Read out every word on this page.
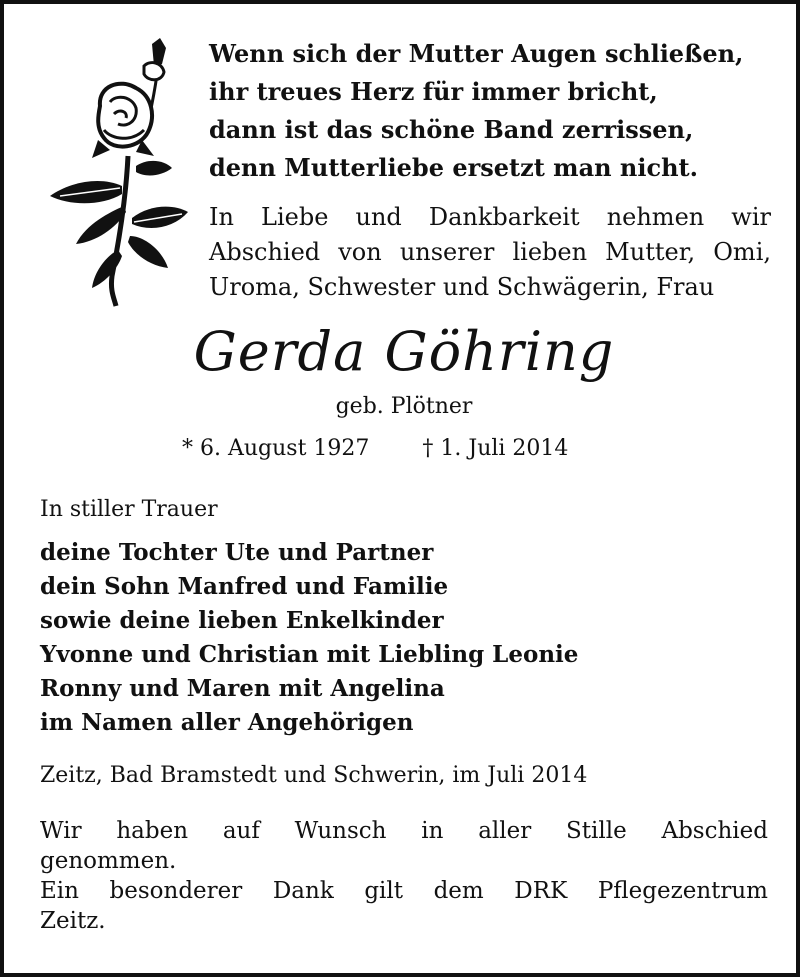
Wenn sich der Mutter Augen schließen,
ihr treues Herz für immer bricht,
dann ist das schöne Band zerrissen,
denn Mutterliebe ersetzt man nicht.
In Liebe und Dankbarkeit nehmen wir
Abschied von unserer lieben Mutter, Omi,
Uroma, Schwester und Schwägerin, Frau
Gerda Göhring
geb. Plötner
* 6. August 1927 † 1. Juli 2014
In stiller Trauer
deine Tochter Ute und Partner
dein Sohn Manfred und Familie
sowie deine lieben Enkelkinder
Yvonne und Christian mit Liebling Leonie
Ronny und Maren mit Angelina
im Namen aller Angehörigen
Zeitz, Bad Bramstedt und Schwerin, im Juli 2014
Wir haben auf Wunsch in aller Stille Abschied
genommen.
Ein besonderer Dank gilt dem DRK Pflegezentrum
Zeitz.
